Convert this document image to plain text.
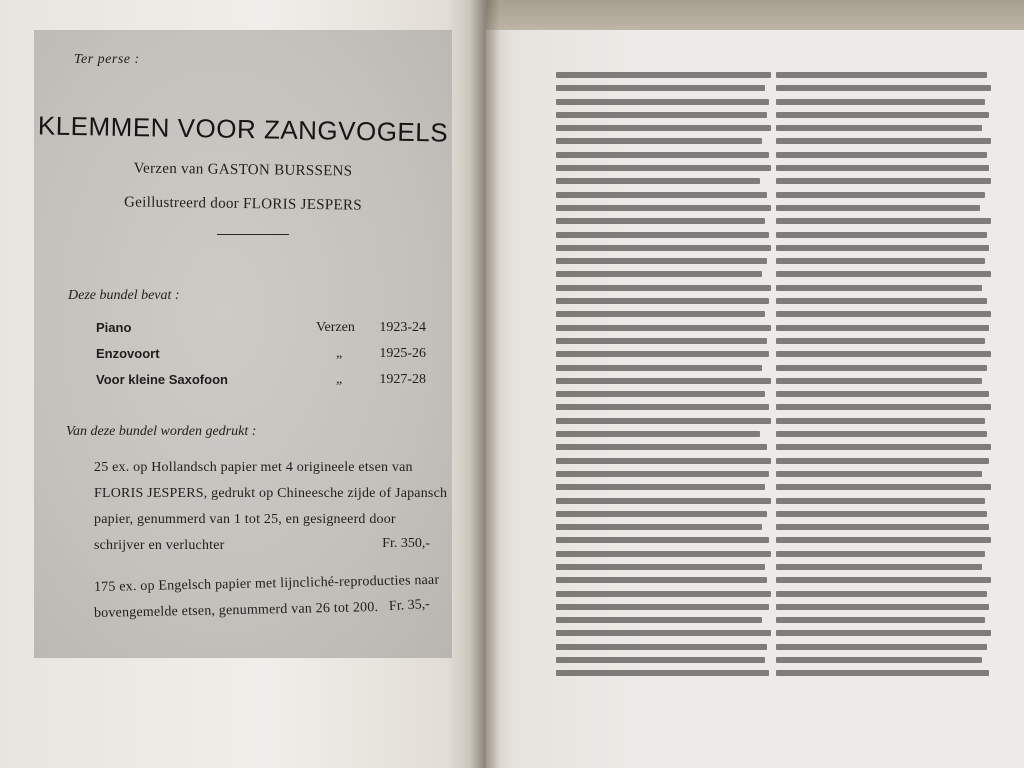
Ter perse :
KLEMMEN VOOR ZANGVOGELS
Verzen van GASTON BURSSENS
Geillustreerd door FLORIS JESPERS
Deze bundel bevat :
Piano	Verzen 1923-24
Enzovoort	„	1925-26
Voor kleine Saxofoon	„	1927-28
Van deze bundel worden gedrukt :
25 ex. op Hollandsch papier met 4 origineele etsen van
FLORIS JESPERS, gedrukt op Chineesche zijde of Japansch
papier, genummerd van 1 tot 25, en gesigneerd door
schrijver en verluchter	Fr. 350,-
175 ex. op Engelsch papier met lijncliché-reproducties naar
bovengemelde etsen, genummerd van 26 tot 200. Fr. 35,-
